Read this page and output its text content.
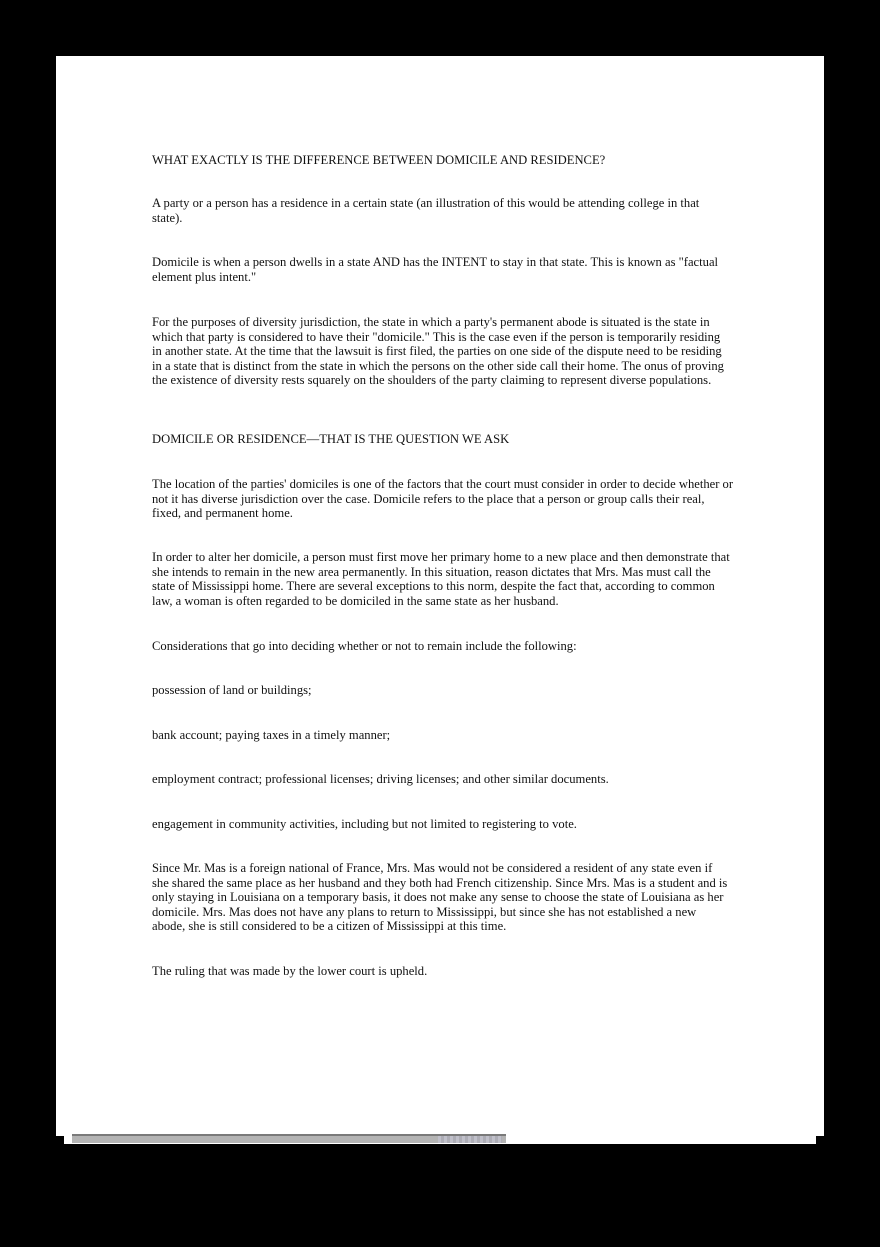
WHAT EXACTLY IS THE DIFFERENCE BETWEEN DOMICILE AND RESIDENCE?

A party or a person has a residence in a certain state (an illustration of this would be attending college in that state).

Domicile is when a person dwells in a state AND has the INTENT to stay in that state. This is known as "factual element plus intent."

For the purposes of diversity jurisdiction, the state in which a party's permanent abode is situated is the state in which that party is considered to have their "domicile." This is the case even if the person is temporarily residing in another state. At the time that the lawsuit is first filed, the parties on one side of the dispute need to be residing in a state that is distinct from the state in which the persons on the other side call their home. The onus of proving the existence of diversity rests squarely on the shoulders of the party claiming to represent diverse populations.

DOMICILE OR RESIDENCE—THAT IS THE QUESTION WE ASK

The location of the parties' domiciles is one of the factors that the court must consider in order to decide whether or not it has diverse jurisdiction over the case. Domicile refers to the place that a person or group calls their real, fixed, and permanent home.

In order to alter her domicile, a person must first move her primary home to a new place and then demonstrate that she intends to remain in the new area permanently. In this situation, reason dictates that Mrs. Mas must call the state of Mississippi home. There are several exceptions to this norm, despite the fact that, according to common law, a woman is often regarded to be domiciled in the same state as her husband.

Considerations that go into deciding whether or not to remain include the following:

possession of land or buildings;

bank account; paying taxes in a timely manner;

employment contract; professional licenses; driving licenses; and other similar documents.

engagement in community activities, including but not limited to registering to vote.

Since Mr. Mas is a foreign national of France, Mrs. Mas would not be considered a resident of any state even if she shared the same place as her husband and they both had French citizenship. Since Mrs. Mas is a student and is only staying in Louisiana on a temporary basis, it does not make any sense to choose the state of Louisiana as her domicile. Mrs. Mas does not have any plans to return to Mississippi, but since she has not established a new abode, she is still considered to be a citizen of Mississippi at this time.

The ruling that was made by the lower court is upheld.
